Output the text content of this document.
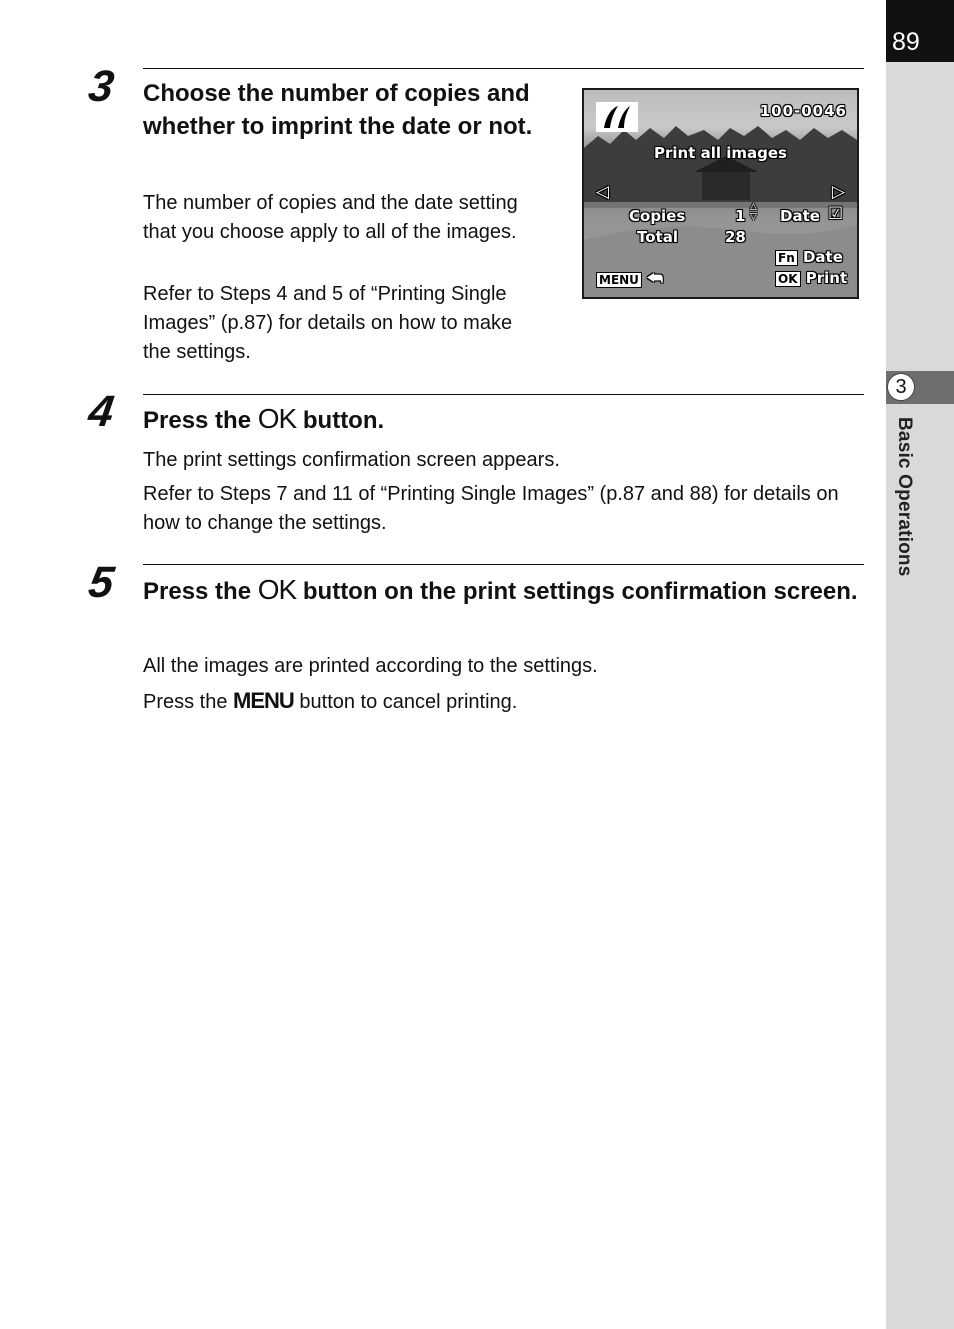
89
3
Basic Operations
3 Choose the number of copies and whether to imprint the date or not.

The number of copies and the date setting that you choose apply to all of the images.

Refer to Steps 4 and 5 of “Printing Single Images” (p.87) for details on how to make the settings.

100-0046
Print all images
◁	▷
Copies	1 △
▽ Date ☑
Total	28
Fn Date
MENU ⮪	OK Print
4 Press the OK button.

The print settings confirmation screen appears.

Refer to Steps 7 and 11 of “Printing Single Images” (p.87 and 88) for details on how to change the settings.

5 Press the OK button on the print settings confirmation screen.

All the images are printed according to the settings.

Press the MENU button to cancel printing.
